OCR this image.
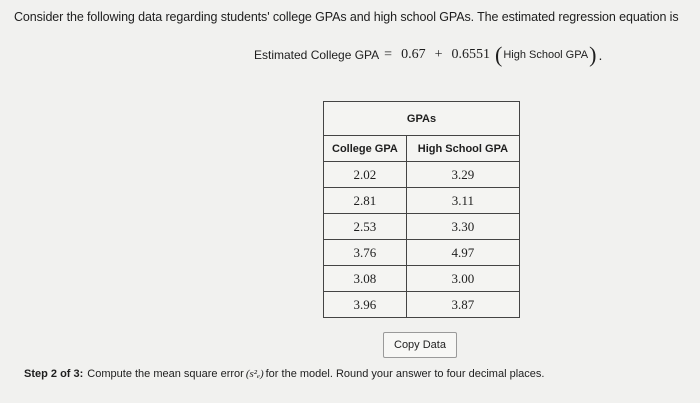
Consider the following data regarding students' college GPAs and high school GPAs. The estimated regression equation is

Estimated College GPA = 0.67 + 0.6551 ( High School GPA ) .
GPAs	
College GPA	High School GPA
2.02	3.29
2.81	3.11
2.53	3.30
3.76	4.97
3.08	3.00
3.96	3.87
Copy Data
Step 2 of 3: Compute the mean square error (s²ₑ) for the model. Round your answer to four decimal places.
